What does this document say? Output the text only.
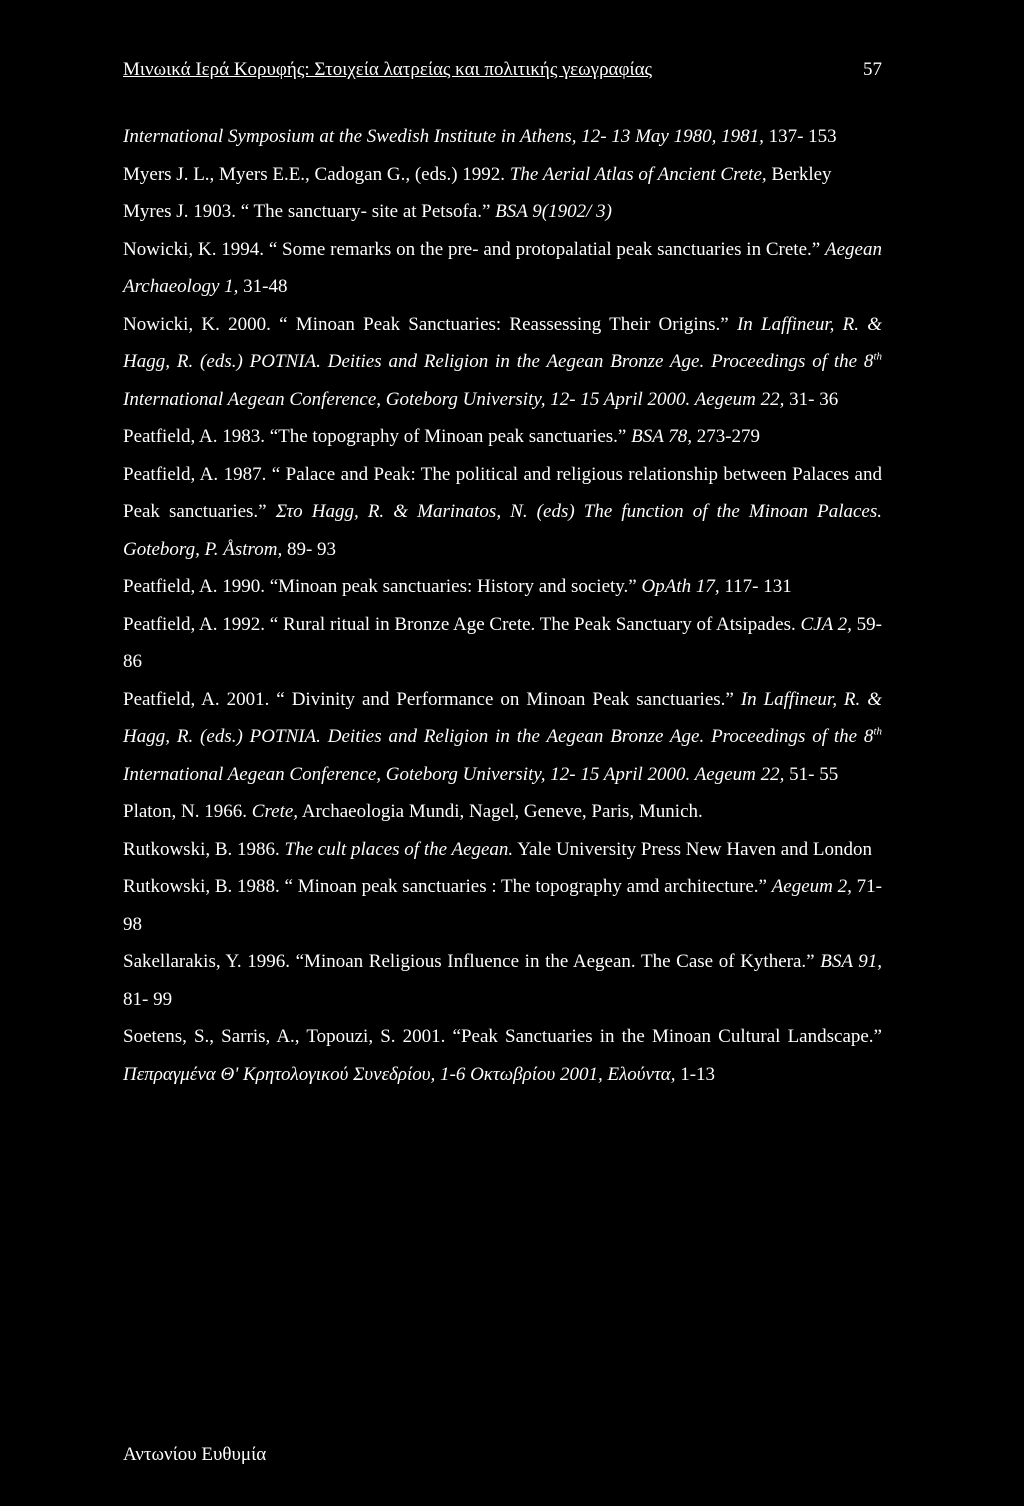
Μινωικά Ιερά Κορυφής: Στοιχεία λατρείας και πολιτικής γεωγραφίας	57

International Symposium at the Swedish Institute in Athens, 12- 13 May 1980, 1981, 137- 153

Myers J. L., Myers E.E., Cadogan G., (eds.) 1992. The Aerial Atlas of Ancient Crete, Berkley

Myres J. 1903. “ The sanctuary- site at Petsofa.” BSA 9(1902/ 3)

Nowicki, K. 1994. “ Some remarks on the pre- and protopalatial peak sanctuaries in Crete.” Aegean Archaeology 1, 31-48

Nowicki, K. 2000. “ Minoan Peak Sanctuaries: Reassessing Their Origins.” In Laffineur, R. & Hagg, R. (eds.) POTNIA. Deities and Religion in the Aegean Bronze Age. Proceedings of the 8th International Aegean Conference, Goteborg University, 12- 15 April 2000. Aegeum 22, 31- 36

Peatfield, A. 1983. “The topography of Minoan peak sanctuaries.” BSA 78, 273-279

Peatfield, A. 1987. “ Palace and Peak: The political and religious relationship between Palaces and Peak sanctuaries.” Στο Hagg, R. & Marinatos, N. (eds) The function of the Minoan Palaces. Goteborg, P. Åstrom, 89- 93

Peatfield, A. 1990. “Minoan peak sanctuaries: History and society.” OpAth 17, 117- 131

Peatfield, A. 1992. “ Rural ritual in Bronze Age Crete. The Peak Sanctuary of Atsipades. CJA 2, 59- 86

Peatfield, A. 2001. “ Divinity and Performance on Minoan Peak sanctuaries.” In Laffineur, R. & Hagg, R. (eds.) POTNIA. Deities and Religion in the Aegean Bronze Age. Proceedings of the 8th International Aegean Conference, Goteborg University, 12- 15 April 2000. Aegeum 22, 51- 55

Platon, N. 1966. Crete, Archaeologia Mundi, Nagel, Geneve, Paris, Munich.

Rutkowski, B. 1986. The cult places of the Aegean. Yale University Press New Haven and London

Rutkowski, B. 1988. “ Minoan peak sanctuaries : The topography amd architecture.” Aegeum 2, 71- 98

Sakellarakis, Y. 1996. “Minoan Religious Influence in the Aegean. The Case of Kythera.” BSA 91, 81- 99

Soetens, S., Sarris, A., Topouzi, S. 2001. “Peak Sanctuaries in the Minoan Cultural Landscape.” Πεπραγμένα Θ' Κρητολογικού Συνεδρίου, 1-6 Οκτωβρίου 2001, Ελούντα, 1-13

Αντωνίου Ευθυμία
